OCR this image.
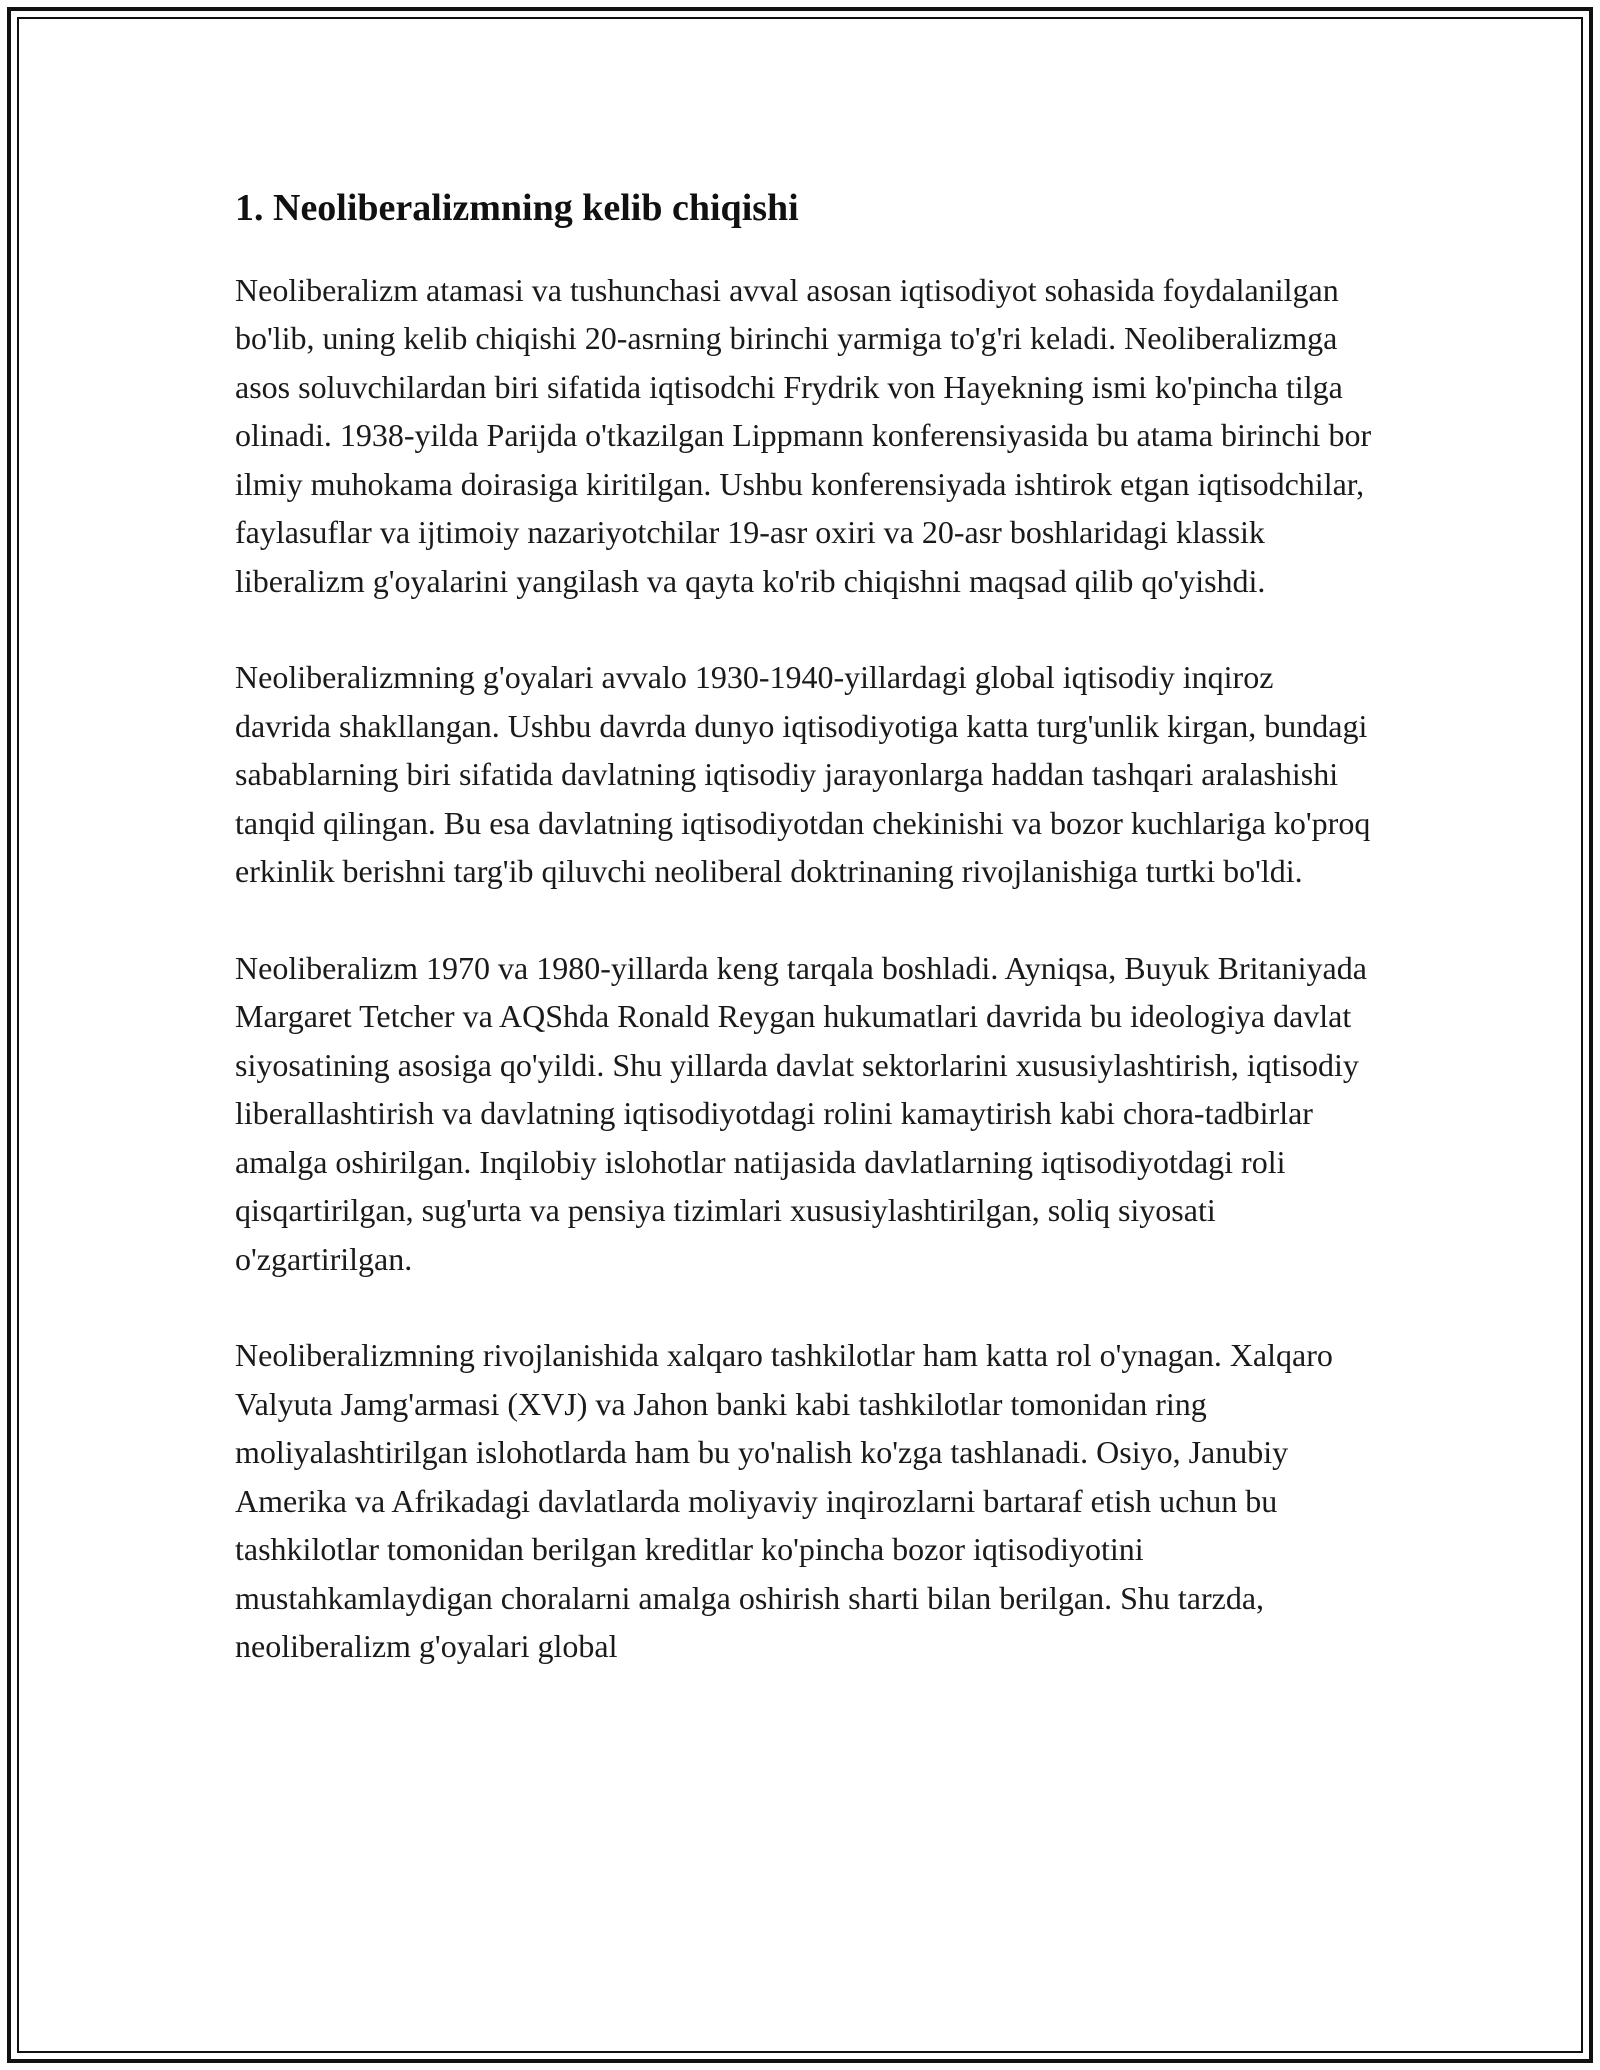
1. Neoliberalizmning kelib chiqishi

Neoliberalizm atamasi va tushunchasi avval asosan iqtisodiyot sohasida foydalanilgan bo'lib, uning kelib chiqishi 20-asrning birinchi yarmiga to'g'ri keladi. Neoliberalizmga asos soluvchilardan biri sifatida iqtisodchi Frydrik von Hayekning ismi ko'pincha tilga olinadi. 1938-yilda Parijda o'tkazilgan Lippmann konferensiyasida bu atama birinchi bor ilmiy muhokama doirasiga kiritilgan. Ushbu konferensiyada ishtirok etgan iqtisodchilar, faylasuflar va ijtimoiy nazariyotchilar 19-asr oxiri va 20-asr boshlaridagi klassik liberalizm g'oyalarini yangilash va qayta ko'rib chiqishni maqsad qilib qo'yishdi.

Neoliberalizmning g'oyalari avvalo 1930-1940-yillardagi global iqtisodiy inqiroz davrida shakllangan. Ushbu davrda dunyo iqtisodiyotiga katta turg'unlik kirgan, bundagi sabablarning biri sifatida davlatning iqtisodiy jarayonlarga haddan tashqari aralashishi tanqid qilingan. Bu esa davlatning iqtisodiyotdan chekinishi va bozor kuchlariga ko'proq erkinlik berishni targ'ib qiluvchi neoliberal doktrinaning rivojlanishiga turtki bo'ldi.

Neoliberalizm 1970 va 1980-yillarda keng tarqala boshladi. Ayniqsa, Buyuk Britaniyada Margaret Tetcher va AQShda Ronald Reygan hukumatlari davrida bu ideologiya davlat siyosatining asosiga qo'yildi. Shu yillarda davlat sektorlarini xususiylashtirish, iqtisodiy liberallashtirish va davlatning iqtisodiyotdagi rolini kamaytirish kabi chora-tadbirlar amalga oshirilgan. Inqilobiy islohotlar natijasida davlatlarning iqtisodiyotdagi roli qisqartirilgan, sug'urta va pensiya tizimlari xususiylashtirilgan, soliq siyosati o'zgartirilgan.

Neoliberalizmning rivojlanishida xalqaro tashkilotlar ham katta rol o'ynagan. Xalqaro Valyuta Jamg'armasi (XVJ) va Jahon banki kabi tashkilotlar tomonidan ring moliyalashtirilgan islohotlarda ham bu yo'nalish ko'zga tashlanadi. Osiyo, Janubiy Amerika va Afrikadagi davlatlarda moliyaviy inqirozlarni bartaraf etish uchun bu tashkilotlar tomonidan berilgan kreditlar ko'pincha bozor iqtisodiyotini mustahkamlaydigan choralarni amalga oshirish sharti bilan berilgan. Shu tarzda, neoliberalizm g'oyalari global
